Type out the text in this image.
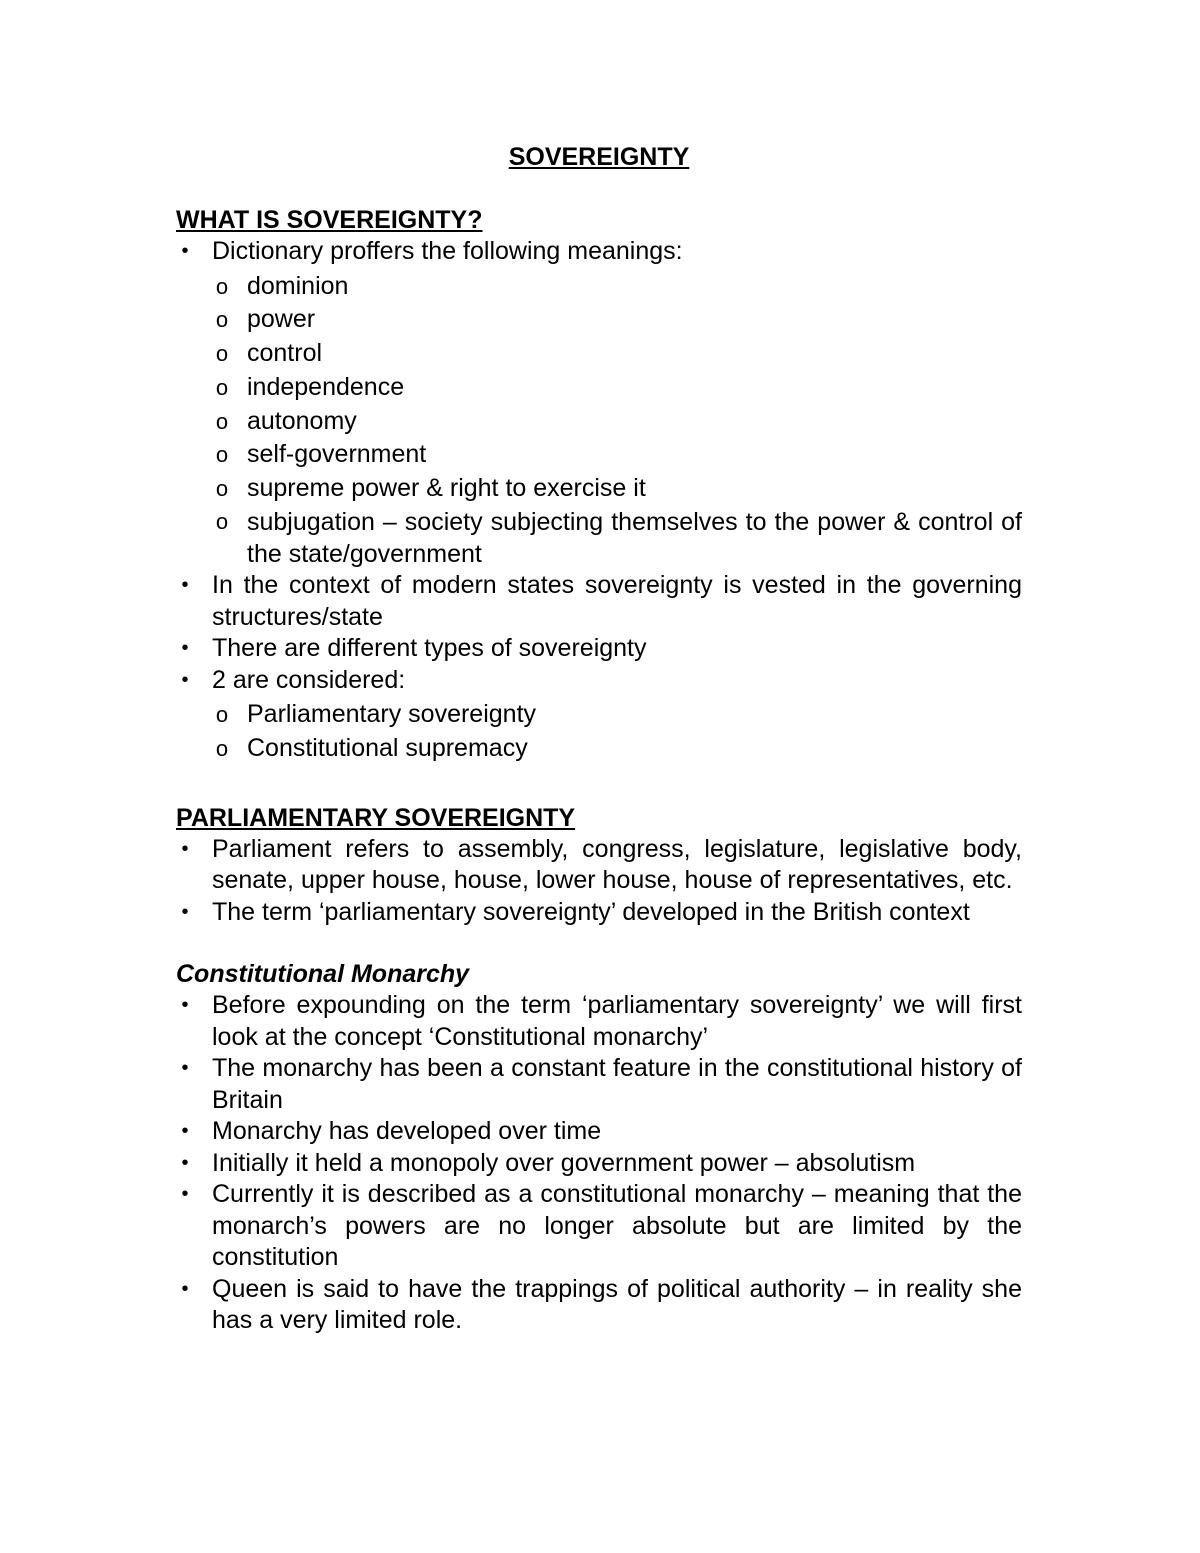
SOVEREIGNTY
WHAT IS SOVEREIGNTY?
• Dictionary proffers the following meanings:
o dominion
o power
o control
o independence
o autonomy
o self-government
o supreme power & right to exercise it
o subjugation – society subjecting themselves to the power & control of the state/government
• In the context of modern states sovereignty is vested in the governing structures/state
• There are different types of sovereignty
• 2 are considered:
o Parliamentary sovereignty
o Constitutional supremacy
PARLIAMENTARY SOVEREIGNTY
• Parliament refers to assembly, congress, legislature, legislative body, senate, upper house, house, lower house, house of representatives, etc.
• The term ‘parliamentary sovereignty’ developed in the British context
Constitutional Monarchy
• Before expounding on the term ‘parliamentary sovereignty’ we will first look at the concept ‘Constitutional monarchy’
• The monarchy has been a constant feature in the constitutional history of Britain
• Monarchy has developed over time
• Initially it held a monopoly over government power – absolutism
• Currently it is described as a constitutional monarchy – meaning that the monarch’s powers are no longer absolute but are limited by the constitution
• Queen is said to have the trappings of political authority – in reality she has a very limited role.
